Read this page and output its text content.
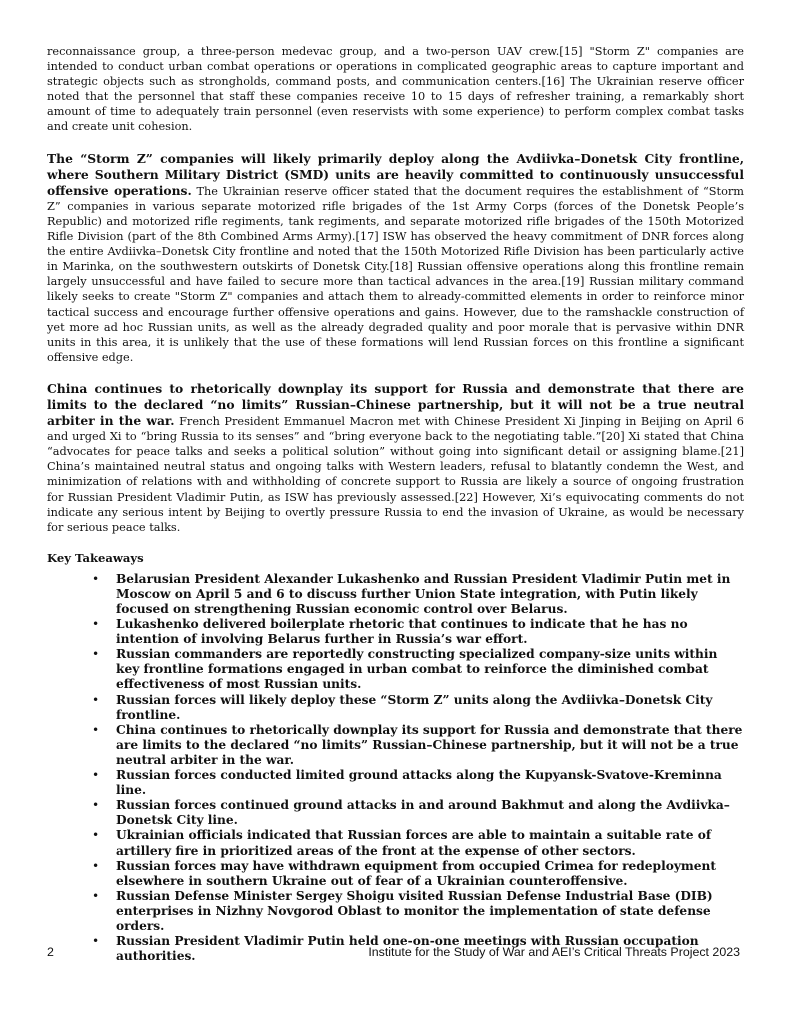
reconnaissance group, a three-person medevac group, and a two-person UAV crew.[15] "Storm Z" companies are intended to conduct urban combat operations or operations in complicated geographic areas to capture important and strategic objects such as strongholds, command posts, and communication centers.[16] The Ukrainian reserve officer noted that the personnel that staff these companies receive 10 to 15 days of refresher training, a remarkably short amount of time to adequately train personnel (even reservists with some experience) to perform complex combat tasks and create unit cohesion.

The “Storm Z” companies will likely primarily deploy along the Avdiivka–Donetsk City frontline, where Southern Military District (SMD) units are heavily committed to continuously unsuccessful offensive operations. The Ukrainian reserve officer stated that the document requires the establishment of “Storm Z” companies in various separate motorized rifle brigades of the 1st Army Corps (forces of the Donetsk People’s Republic) and motorized rifle regiments, tank regiments, and separate motorized rifle brigades of the 150th Motorized Rifle Division (part of the 8th Combined Arms Army).[17] ISW has observed the heavy commitment of DNR forces along the entire Avdiivka–Donetsk City frontline and noted that the 150th Motorized Rifle Division has been particularly active in Marinka, on the southwestern outskirts of Donetsk City.[18] Russian offensive operations along this frontline remain largely unsuccessful and have failed to secure more than tactical advances in the area.[19] Russian military command likely seeks to create "Storm Z" companies and attach them to already-committed elements in order to reinforce minor tactical success and encourage further offensive operations and gains. However, due to the ramshackle construction of yet more ad hoc Russian units, as well as the already degraded quality and poor morale that is pervasive within DNR units in this area, it is unlikely that the use of these formations will lend Russian forces on this frontline a significant offensive edge.

China continues to rhetorically downplay its support for Russia and demonstrate that there are limits to the declared “no limits” Russian–Chinese partnership, but it will not be a true neutral arbiter in the war. French President Emmanuel Macron met with Chinese President Xi Jinping in Beijing on April 6 and urged Xi to “bring Russia to its senses” and “bring everyone back to the negotiating table.”[20] Xi stated that China “advocates for peace talks and seeks a political solution” without going into significant detail or assigning blame.[21] China’s maintained neutral status and ongoing talks with Western leaders, refusal to blatantly condemn the West, and minimization of relations with and withholding of concrete support to Russia are likely a source of ongoing frustration for Russian President Vladimir Putin, as ISW has previously assessed.[22] However, Xi’s equivocating comments do not indicate any serious intent by Beijing to overtly pressure Russia to end the invasion of Ukraine, as would be necessary for serious peace talks.

Key Takeaways
• Belarusian President Alexander Lukashenko and Russian President Vladimir Putin met in Moscow on April 5 and 6 to discuss further Union State integration, with Putin likely focused on strengthening Russian economic control over Belarus.
• Lukashenko delivered boilerplate rhetoric that continues to indicate that he has no intention of involving Belarus further in Russia’s war effort.
• Russian commanders are reportedly constructing specialized company-size units within key frontline formations engaged in urban combat to reinforce the diminished combat effectiveness of most Russian units.
• Russian forces will likely deploy these “Storm Z” units along the Avdiivka–Donetsk City frontline.
• China continues to rhetorically downplay its support for Russia and demonstrate that there are limits to the declared “no limits” Russian–Chinese partnership, but it will not be a true neutral arbiter in the war.
• Russian forces conducted limited ground attacks along the Kupyansk-Svatove-Kreminna line.
• Russian forces continued ground attacks in and around Bakhmut and along the Avdiivka–Donetsk City line.
• Ukrainian officials indicated that Russian forces are able to maintain a suitable rate of artillery fire in prioritized areas of the front at the expense of other sectors.
• Russian forces may have withdrawn equipment from occupied Crimea for redeployment elsewhere in southern Ukraine out of fear of a Ukrainian counteroffensive.
• Russian Defense Minister Sergey Shoigu visited Russian Defense Industrial Base (DIB) enterprises in Nizhny Novgorod Oblast to monitor the implementation of state defense orders.
• Russian President Vladimir Putin held one-on-one meetings with Russian occupation authorities.
2	Institute for the Study of War and AEI’s Critical Threats Project 2023
